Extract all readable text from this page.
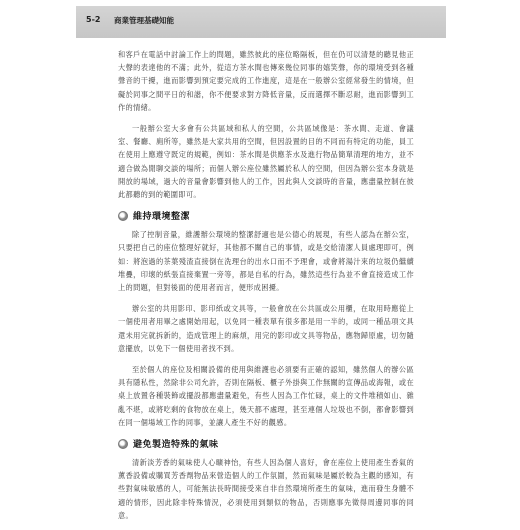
5-2 商業管理基礎知能

和客戶在電話中討論工作上的問題，雖然彼此的座位略隔板，但在仍可以清楚的聽見他正大聲的表達他的不滿；此外，從這方茶水間也傳來幾位同事的嬉笑聲，你的環境受到各種聲音的干擾，進而影響到預定要完成的工作進度，這是在一般辦公室經常發生的情境，但礙於同事之間平日的和諧，你不便要求對方降低音量，反而選擇不斷忍耐，進而影響到工作的情緒。

一般辦公室大多會有公共區域和私人的空間，公共區域像是：茶水間、走道、會議室、餐廳、廁所等，雖然是大家共用的空間，但因設置的目的不同而有特定的功能，員工在使用上應遵守既定的規範，例如：茶水間是供應茶水及進行物品簡單清理的地方，並不適合做為閒聊交談的場所；而個人辦公座位雖然屬於私人的空間，但因為辦公室本身就是開放的場域，過大的音量會影響到他人的工作，因此與人交談時的音量，應盡量控制在彼此都聽的到的範圍即可。

維持環境整潔

除了控制音量，維護辦公環境的整潔舒適也是公德心的展現，有些人認為在辦公室，只要把自己的座位整理好就好，其他都不關自己的事情，或是交給清潔人員處理即可，例如：將泡過的茶葉殘渣直接倒在洗理台的出水口而不予理會，或會將湯汁來的垃圾仍繼續堆疊，印壞的紙張直接棄置一旁等，都是自私的行為，雖然這些行為並不會直接造成工作上的問題，但對後面的使用者而言，便形成困擾。

辦公室的共用影印、影印紙或文具等，一般會放在公共區或公用櫃，在取用時應從上一個使用者用畢之處開始用起，以免同一種表單有很多都是用一半的，或同一種品項文具還未用完就拆新的，造成管理上的麻煩，用完的影印或文具等物品，應物歸原處，切勿隨意擺放，以免下一個使用者找不到。

至於個人的座位及相關設備的使用與維護也必須要有正確的認知，雖然個人的辦公區具有隱私性，然除非公司允許，否則在隔板、櫃子外掛與工作無關的宣傳品或海報，或在桌上放置各種裝飾或擺設都應盡量避免，有些人因為工作忙碌，桌上的文件堆積如山、雜亂不堪，或將吃剩的食物放在桌上，幾天都不處理，甚至連個人垃圾也不倒，都會影響到在同一個場域工作的同事，並讓人產生不好的觀感。

避免製造特殊的氣味

清新淡芳香的氣味使人心曠神怡，有些人因為個人喜好，會在座位上使用產生香氣的薰香設備或購買芳香劑物品來營造個人的工作氛圍，然而氣味是屬於較為主觀的感知，有些對氣味敏感的人，可能無法長時間接受來自非自然環境所產生的氣味，進而發生身體不適的情形，因此除非特殊情況，必須使用到類似的物品，否則應事先徵得周邊同事的同意。
